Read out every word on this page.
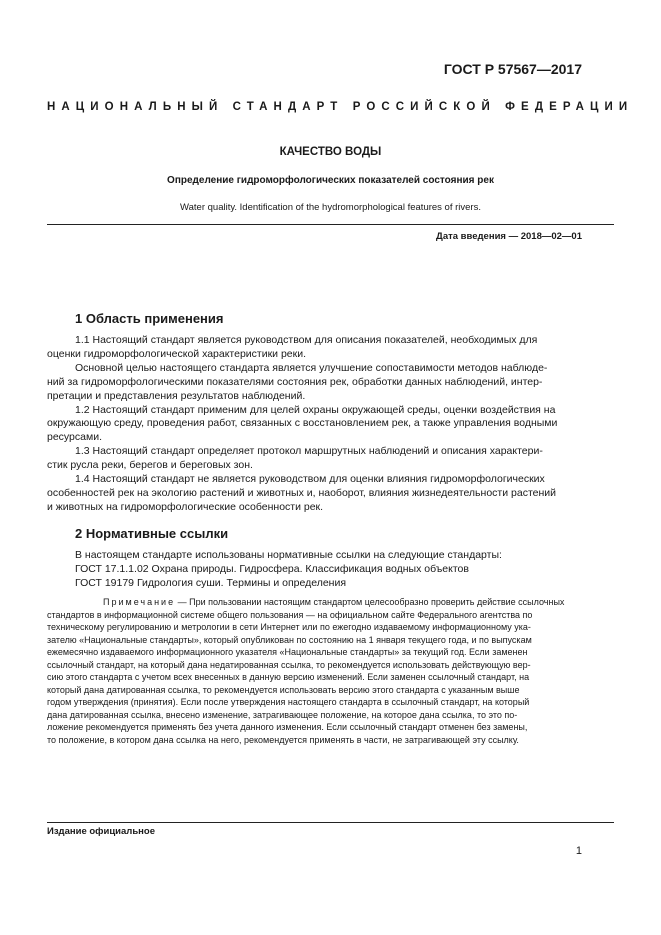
ГОСТ Р 57567—2017
НАЦИОНАЛЬНЫЙ СТАНДАРТ РОССИЙСКОЙ ФЕДЕРАЦИИ
КАЧЕСТВО ВОДЫ
Определение гидроморфологических показателей состояния рек
Water quality. Identification of the hydromorphological features of rivers.
Дата введения — 2018—02—01
1 Область применения
1.1 Настоящий стандарт является руководством для описания показателей, необходимых для
оценки гидроморфологической характеристики реки.
Основной целью настоящего стандарта является улучшение сопоставимости методов наблюде-
ний за гидроморфологическими показателями состояния рек, обработки данных наблюдений, интер-
претации и представления результатов наблюдений.
1.2 Настоящий стандарт применим для целей охраны окружающей среды, оценки воздействия на
окружающую среду, проведения работ, связанных с восстановлением рек, а также управления водными
ресурсами.
1.3 Настоящий стандарт определяет протокол маршрутных наблюдений и описания характери-
стик русла реки, берегов и береговых зон.
1.4 Настоящий стандарт не является руководством для оценки влияния гидроморфологических
особенностей рек на экологию растений и животных и, наоборот, влияния жизнедеятельности растений
и животных на гидроморфологические особенности рек.
2 Нормативные ссылки
В настоящем стандарте использованы нормативные ссылки на следующие стандарты:
ГОСТ 17.1.1.02 Охрана природы. Гидросфера. Классификация водных объектов
ГОСТ 19179 Гидрология суши. Термины и определения
Примечание — При пользовании настоящим стандартом целесообразно проверить действие ссылочных
стандартов в информационной системе общего пользования — на официальном сайте Федерального агентства по
техническому регулированию и метрологии в сети Интернет или по ежегодно издаваемому информационному ука-
зателю «Национальные стандарты», который опубликован по состоянию на 1 января текущего года, и по выпускам
ежемесячно издаваемого информационного указателя «Национальные стандарты» за текущий год. Если заменен
ссылочный стандарт, на который дана недатированная ссылка, то рекомендуется использовать действующую вер-
сию этого стандарта с учетом всех внесенных в данную версию изменений. Если заменен ссылочный стандарт, на
который дана датированная ссылка, то рекомендуется использовать версию этого стандарта с указанным выше
годом утверждения (принятия). Если после утверждения настоящего стандарта в ссылочный стандарт, на который
дана датированная ссылка, внесено изменение, затрагивающее положение, на которое дана ссылка, то это по-
ложение рекомендуется применять без учета данного изменения. Если ссылочный стандарт отменен без замены,
то положение, в котором дана ссылка на него, рекомендуется применять в части, не затрагивающей эту ссылку.
Издание официальное
1
